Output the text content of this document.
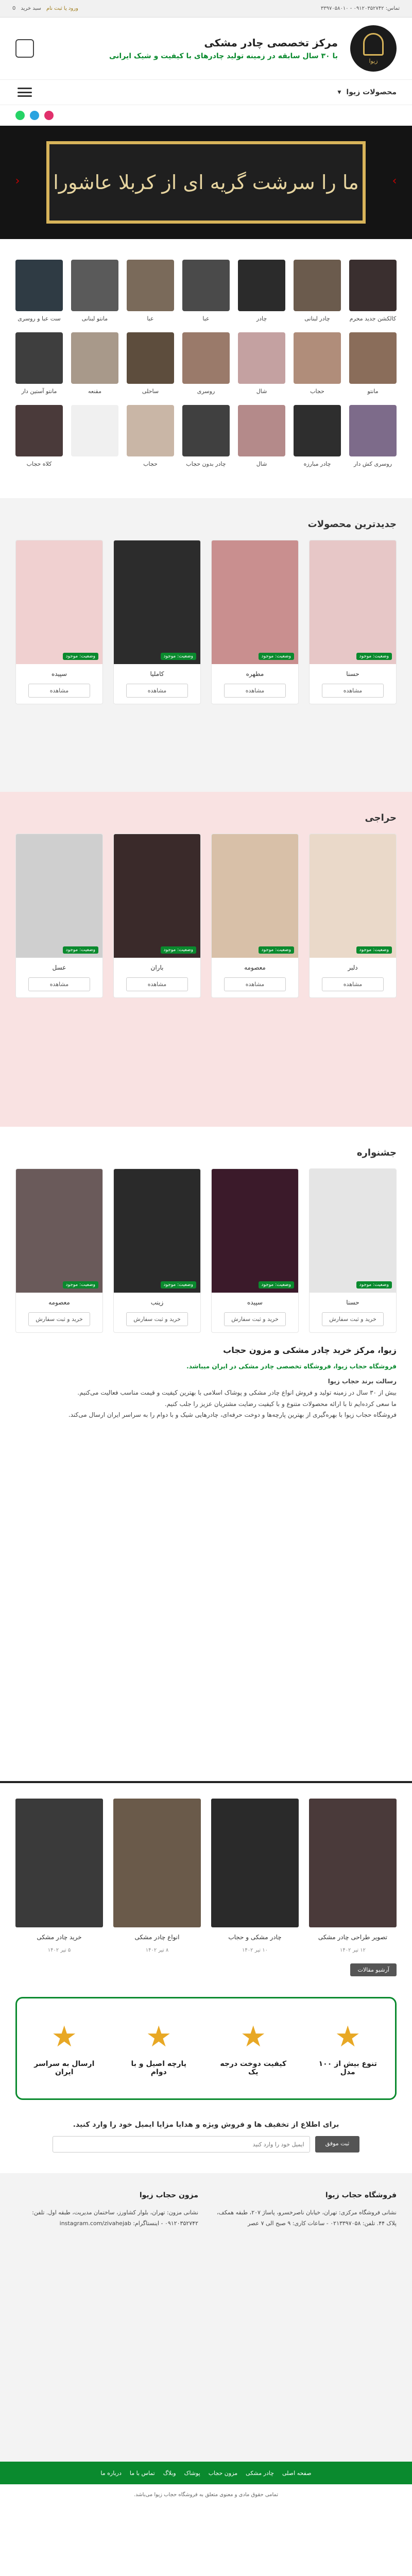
تماس: ۰۹۱۲۰۳۵۲۷۴۲ - ۳۳۹۷۰۵۸۰۱۰
ورود یا ثبت نام
سبد خرید
0
زیوا
مرکز تخصصی چادر مشکی

با ۳۰ سال سابقه در زمینه تولید چادرهای با کیفیت و شیک ایرانی

محصولات زیوا
▾
‹ ما را سرشت گریه ای از کربلا عاشورا	›
کالکشن جدید محرم
چادر لبنانی
چادر
عبا
عبا
مانتو لبنانی
ست عبا و روسری
مانتو
حجاب
شال
روسری
ساحلی
مقنعه
مانتو آستین دار
روسری کش دار
چادر مبارزه
شال
چادر بدون حجاب
حجاب
کلاه حجاب
جدیدترین محصولات
وضعیت: موجود
حسنا
مشاهده
وضعیت: موجود
مطهره
مشاهده
وضعیت: موجود
کاملیا
مشاهده
وضعیت: موجود
سپیده
مشاهده
حراجی
وضعیت: موجود
دلبر
مشاهده
وضعیت: موجود
معصومه
مشاهده
وضعیت: موجود
باران
مشاهده
وضعیت: موجود
عسل
مشاهده
جشنواره
وضعیت: موجود
حسنا
خرید و ثبت سفارش
وضعیت: موجود
سپیده
خرید و ثبت سفارش
وضعیت: موجود
زینب
خرید و ثبت سفارش
وضعیت: موجود
معصومه
خرید و ثبت سفارش
زیوا، مرکز خرید چادر مشکی و مزون حجاب

فروشگاه حجاب زیوا، فروشگاه تخصصی چادر مشکی در ایران میباشد.

رسالت برند حجاب زیوا

بیش از ۳۰ سال در زمینه تولید و فروش انواع چادر مشکی و پوشاک اسلامی با بهترین کیفیت و قیمت مناسب فعالیت می‌کنیم.

ما سعی کرده‌ایم تا با ارائه محصولات متنوع و با کیفیت رضایت مشتریان عزیز را جلب کنیم.

فروشگاه حجاب زیوا با بهره‌گیری از بهترین پارچه‌ها و دوخت حرفه‌ای، چادرهایی شیک و با دوام را به سراسر ایران ارسال می‌کند.

تصویر طراحی چادر مشکی
۱۲ تیر ۱۴۰۲
چادر مشکی و حجاب
۱۰ تیر ۱۴۰۲
انواع چادر مشکی
۸ تیر ۱۴۰۲
خرید چادر مشکی
۵ تیر ۱۴۰۲
آرشیو مقالات
★
تنوع بیش از ۱۰۰ مدل
★
کیفیت دوخت درجه یک
★
پارچه اصیل و با دوام
★
ارسال به سراسر ایران
برای اطلاع از تخفیف ها و فروش ویژه و هدایا مزایا ایمیل خود را وارد کنید.
ثبت موفق
ایمیل خود را وارد کنید
فروشگاه حجاب زیوا

نشانی فروشگاه مرکزی: تهران، خیابان ناصرخسرو، پاساژ ۲۰۷، طبقه همکف، پلاک ۴۴. تلفن: ۰۲۱۳۳۹۷۰۵۸ - ساعات کاری: ۹ صبح الی ۷ عصر

مزون حجاب زیوا

نشانی مزون: تهران، بلوار کشاورز، ساختمان مدیریت، طبقه اول. تلفن: ۰۹۱۲۰۳۵۲۷۴۲ - اینستاگرام: instagram.com/zivahejab

صفحه اصلی
چادر مشکی
مزون حجاب
پوشاک
وبلاگ
تماس با ما
درباره ما
تمامی حقوق مادی و معنوی متعلق به فروشگاه حجاب زیوا می‌باشد.
